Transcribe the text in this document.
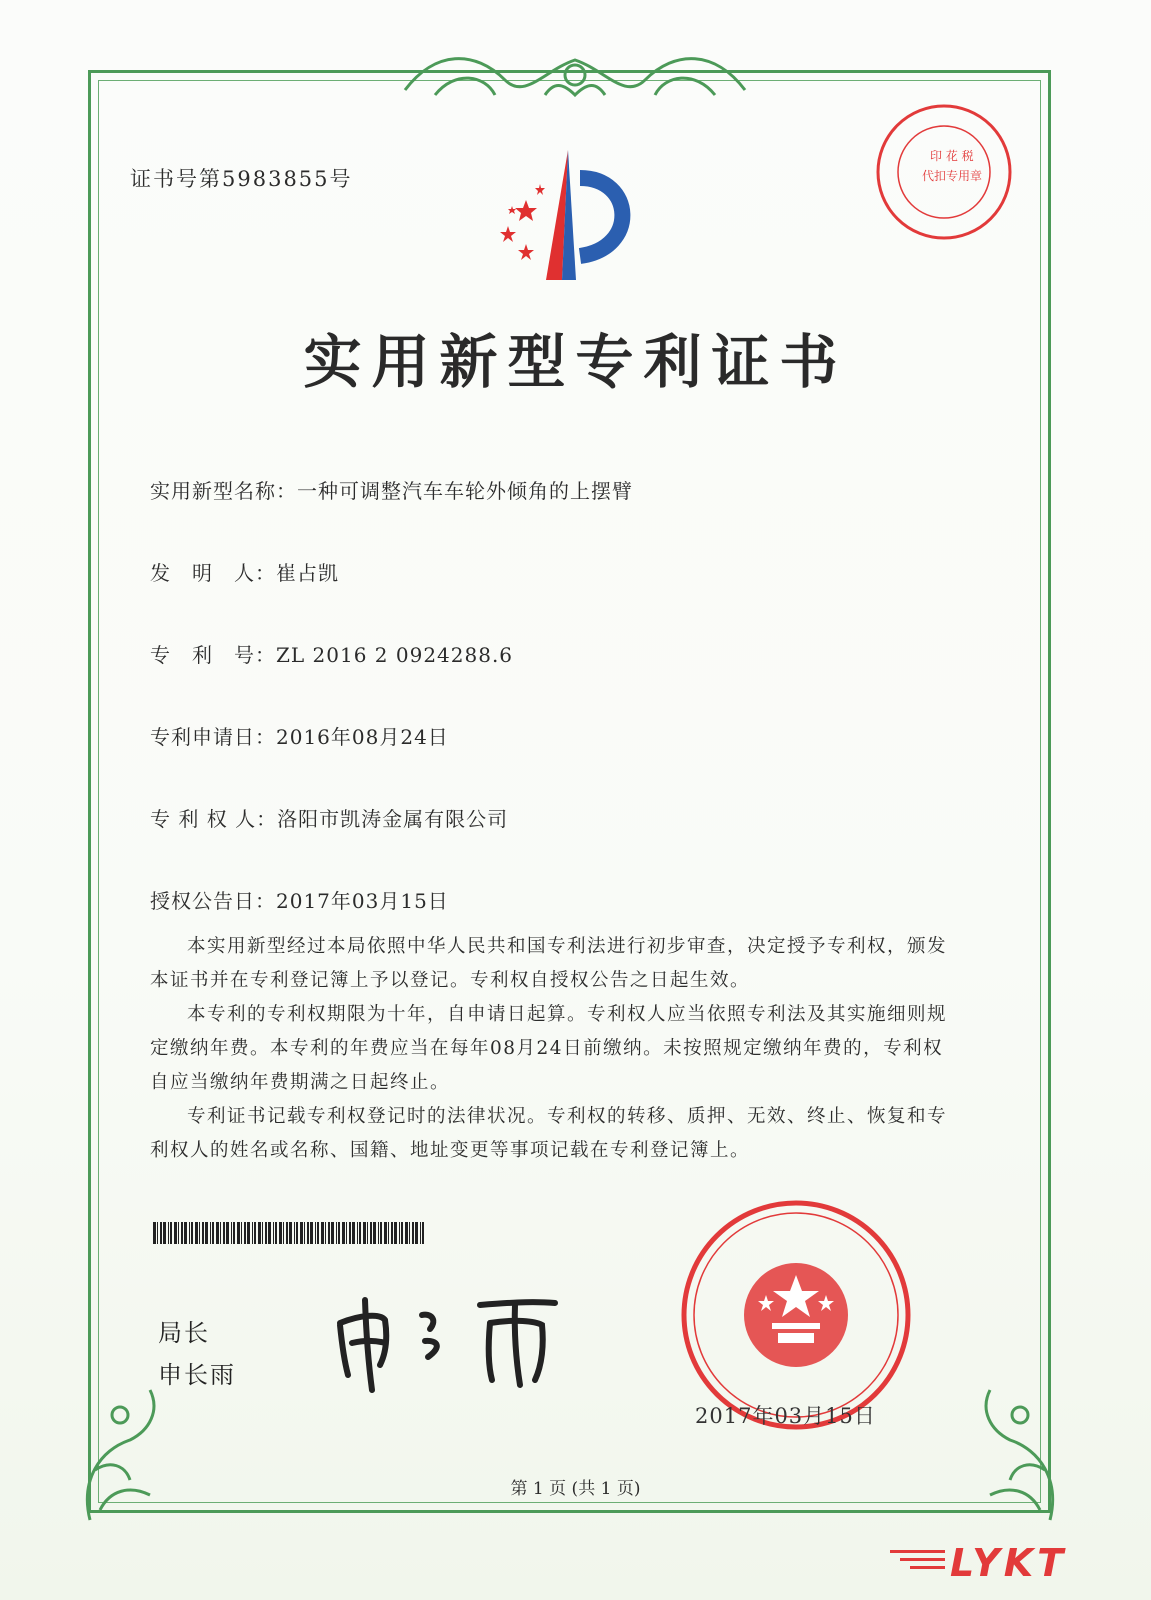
证书号第5983855号
印 花 税
代扣专用章
实用新型专利证书
实用新型名称：一种可调整汽车车轮外倾角的上摆臂
发　明　人：崔占凯
专　利　号：ZL 2016 2 0924288.6
专利申请日：2016年08月24日
专 利 权 人：洛阳市凯涛金属有限公司
授权公告日：2017年03月15日

本实用新型经过本局依照中华人民共和国专利法进行初步审查，决定授予专利权，颁发本证书并在专利登记簿上予以登记。专利权自授权公告之日起生效。

本专利的专利权期限为十年，自申请日起算。专利权人应当依照专利法及其实施细则规定缴纳年费。本专利的年费应当在每年08月24日前缴纳。未按照规定缴纳年费的，专利权自应当缴纳年费期满之日起终止。

专利证书记载专利权登记时的法律状况。专利权的转移、质押、无效、终止、恢复和专利权人的姓名或名称、国籍、地址变更等事项记载在专利登记簿上。

局长
申长雨
2017年03月15日
第 1 页 (共 1 页)
LYKT
